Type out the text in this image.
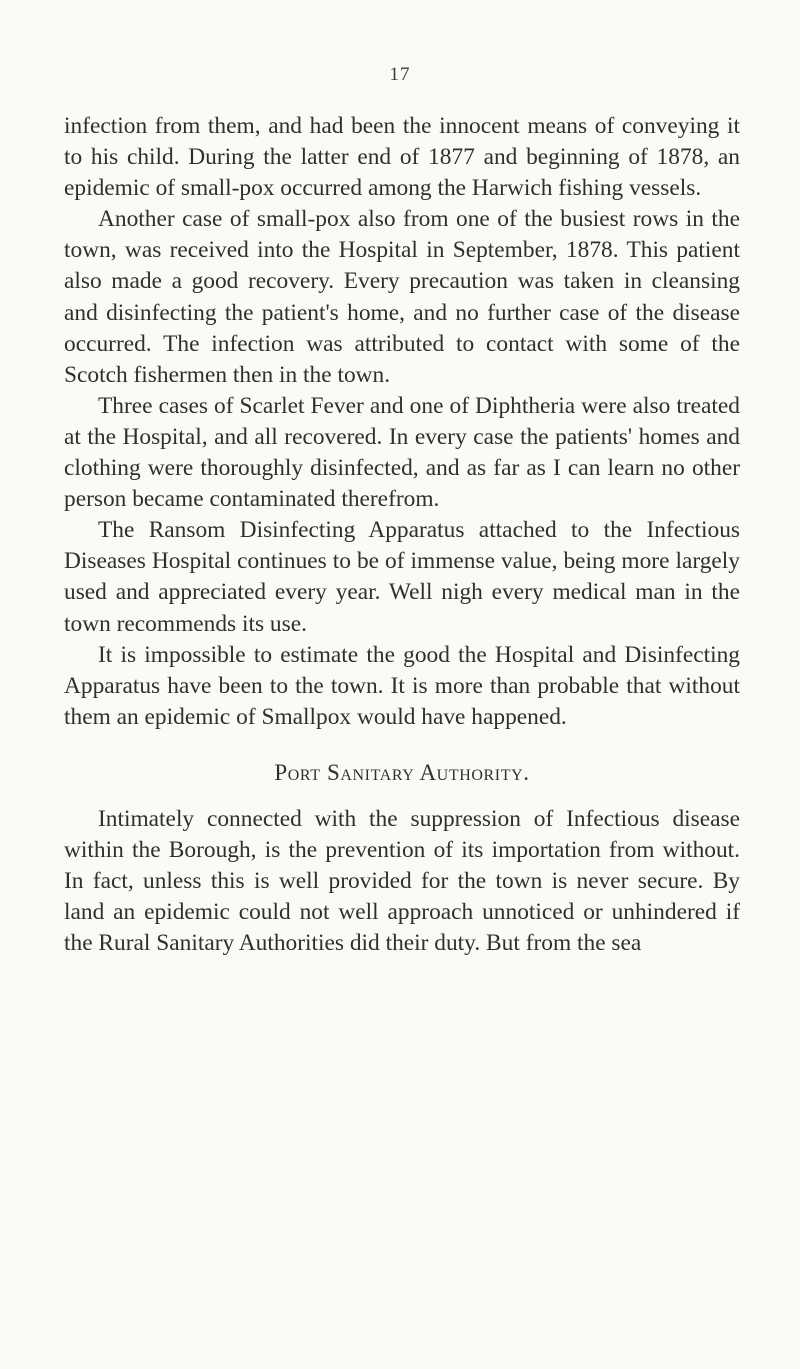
17

infection from them, and had been the innocent means of conveying it to his child. During the latter end of 1877 and beginning of 1878, an epidemic of small-pox occurred among the Harwich fishing vessels.

Another case of small-pox also from one of the busiest rows in the town, was received into the Hospital in September, 1878. This patient also made a good recovery. Every precaution was taken in cleansing and disinfecting the patient's home, and no further case of the disease occurred. The infection was attributed to contact with some of the Scotch fishermen then in the town.

Three cases of Scarlet Fever and one of Diphtheria were also treated at the Hospital, and all recovered. In every case the patients' homes and clothing were thoroughly disinfected, and as far as I can learn no other person became contaminated therefrom.

The Ransom Disinfecting Apparatus attached to the Infectious Diseases Hospital continues to be of immense value, being more largely used and appreciated every year. Well nigh every medical man in the town recommends its use.

It is impossible to estimate the good the Hospital and Disinfecting Apparatus have been to the town. It is more than probable that without them an epidemic of Smallpox would have happened.

Port Sanitary Authority.

Intimately connected with the suppression of Infectious disease within the Borough, is the prevention of its importation from without. In fact, unless this is well provided for the town is never secure. By land an epidemic could not well approach unnoticed or unhindered if the Rural Sanitary Authorities did their duty. But from the sea
